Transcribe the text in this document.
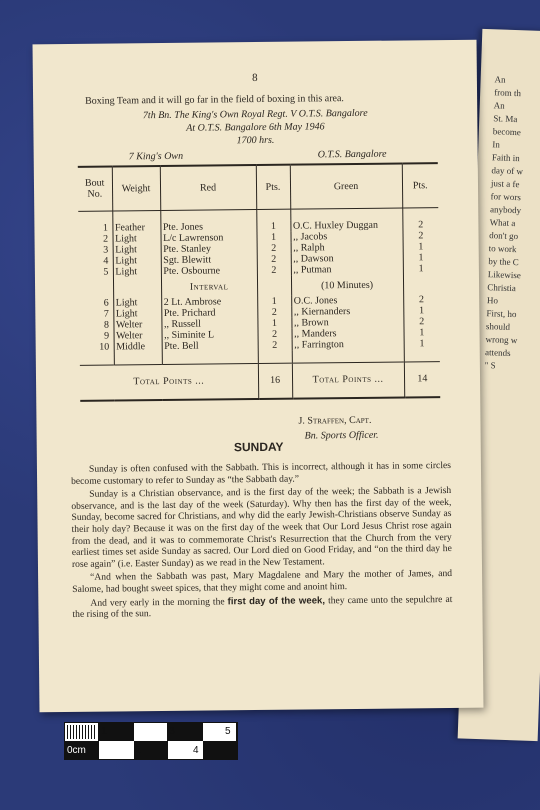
An
from th
An
St. Ma
become
In
Faith in
day of w
just a fe
for wors
anybody
What a
don't go
to work
by the C
Likewise
Christia
Ho
First, ho
should
wrong w
attends
" S
8
Boxing Team and it will go far in the field of boxing in this area.
7th Bn. The King's Own Royal Regt. V O.T.S. Bangalore
At O.T.S. Bangalore 6th May 1946
1700 hrs.
7 King's Own	O.T.S. Bangalore
Bout No.	Weight	Red	Pts.	Green	Pts.

1	Feather	Pte. Jones	1	O.C. Huxley Duggan	2
2	Light	L/c Lawrenson	1	,, Jacobs	2
3	Light	Pte. Stanley	2	,, Ralph	1
4	Light	Sgt. Blewitt	2	,, Dawson	1
5	Light	Pte. Osbourne	2	,, Putman	1
		Interval		(10 Minutes)	
6	Light	2 Lt. Ambrose	1	O.C. Jones	2
7	Light	Pte. Prichard	2	,, Kiernanders	1
8	Welter	,, Russell	1	,, Brown	2
9	Welter	,, Siminite L	2	,, Manders	1
10	Middle	Pte. Bell	2	,, Farrington	1

Total Points ...			16	Total Points ...	14
J. Straffen, Capt.
Bn. Sports Officer.
SUNDAY

Sunday is often confused with the Sabbath. This is incorrect, although it has in some circles become customary to refer to Sunday as “the Sabbath day.”

Sunday is a Christian observance, and is the first day of the week; the Sabbath is a Jewish observance, and is the last day of the week (Saturday). Why then has the first day of the week, Sunday, become sacred for Christians, and why did the early Jewish-Christians observe Sunday as their holy day? Because it was on the first day of the week that Our Lord Jesus Christ rose again from the dead, and it was to commemorate Christ's Resurrection that the Church from the very earliest times set aside Sunday as sacred. Our Lord died on Good Friday, and “on the third day he rose again” (i.e. Easter Sunday) as we read in the New Testament.

“And when the Sabbath was past, Mary Magdalene and Mary the mother of James, and Salome, had bought sweet spices, that they might come and anoint him.

And very early in the morning the first day of the week, they came unto the sepulchre at the rising of the sun.

1	3	5
0cm	2	4
